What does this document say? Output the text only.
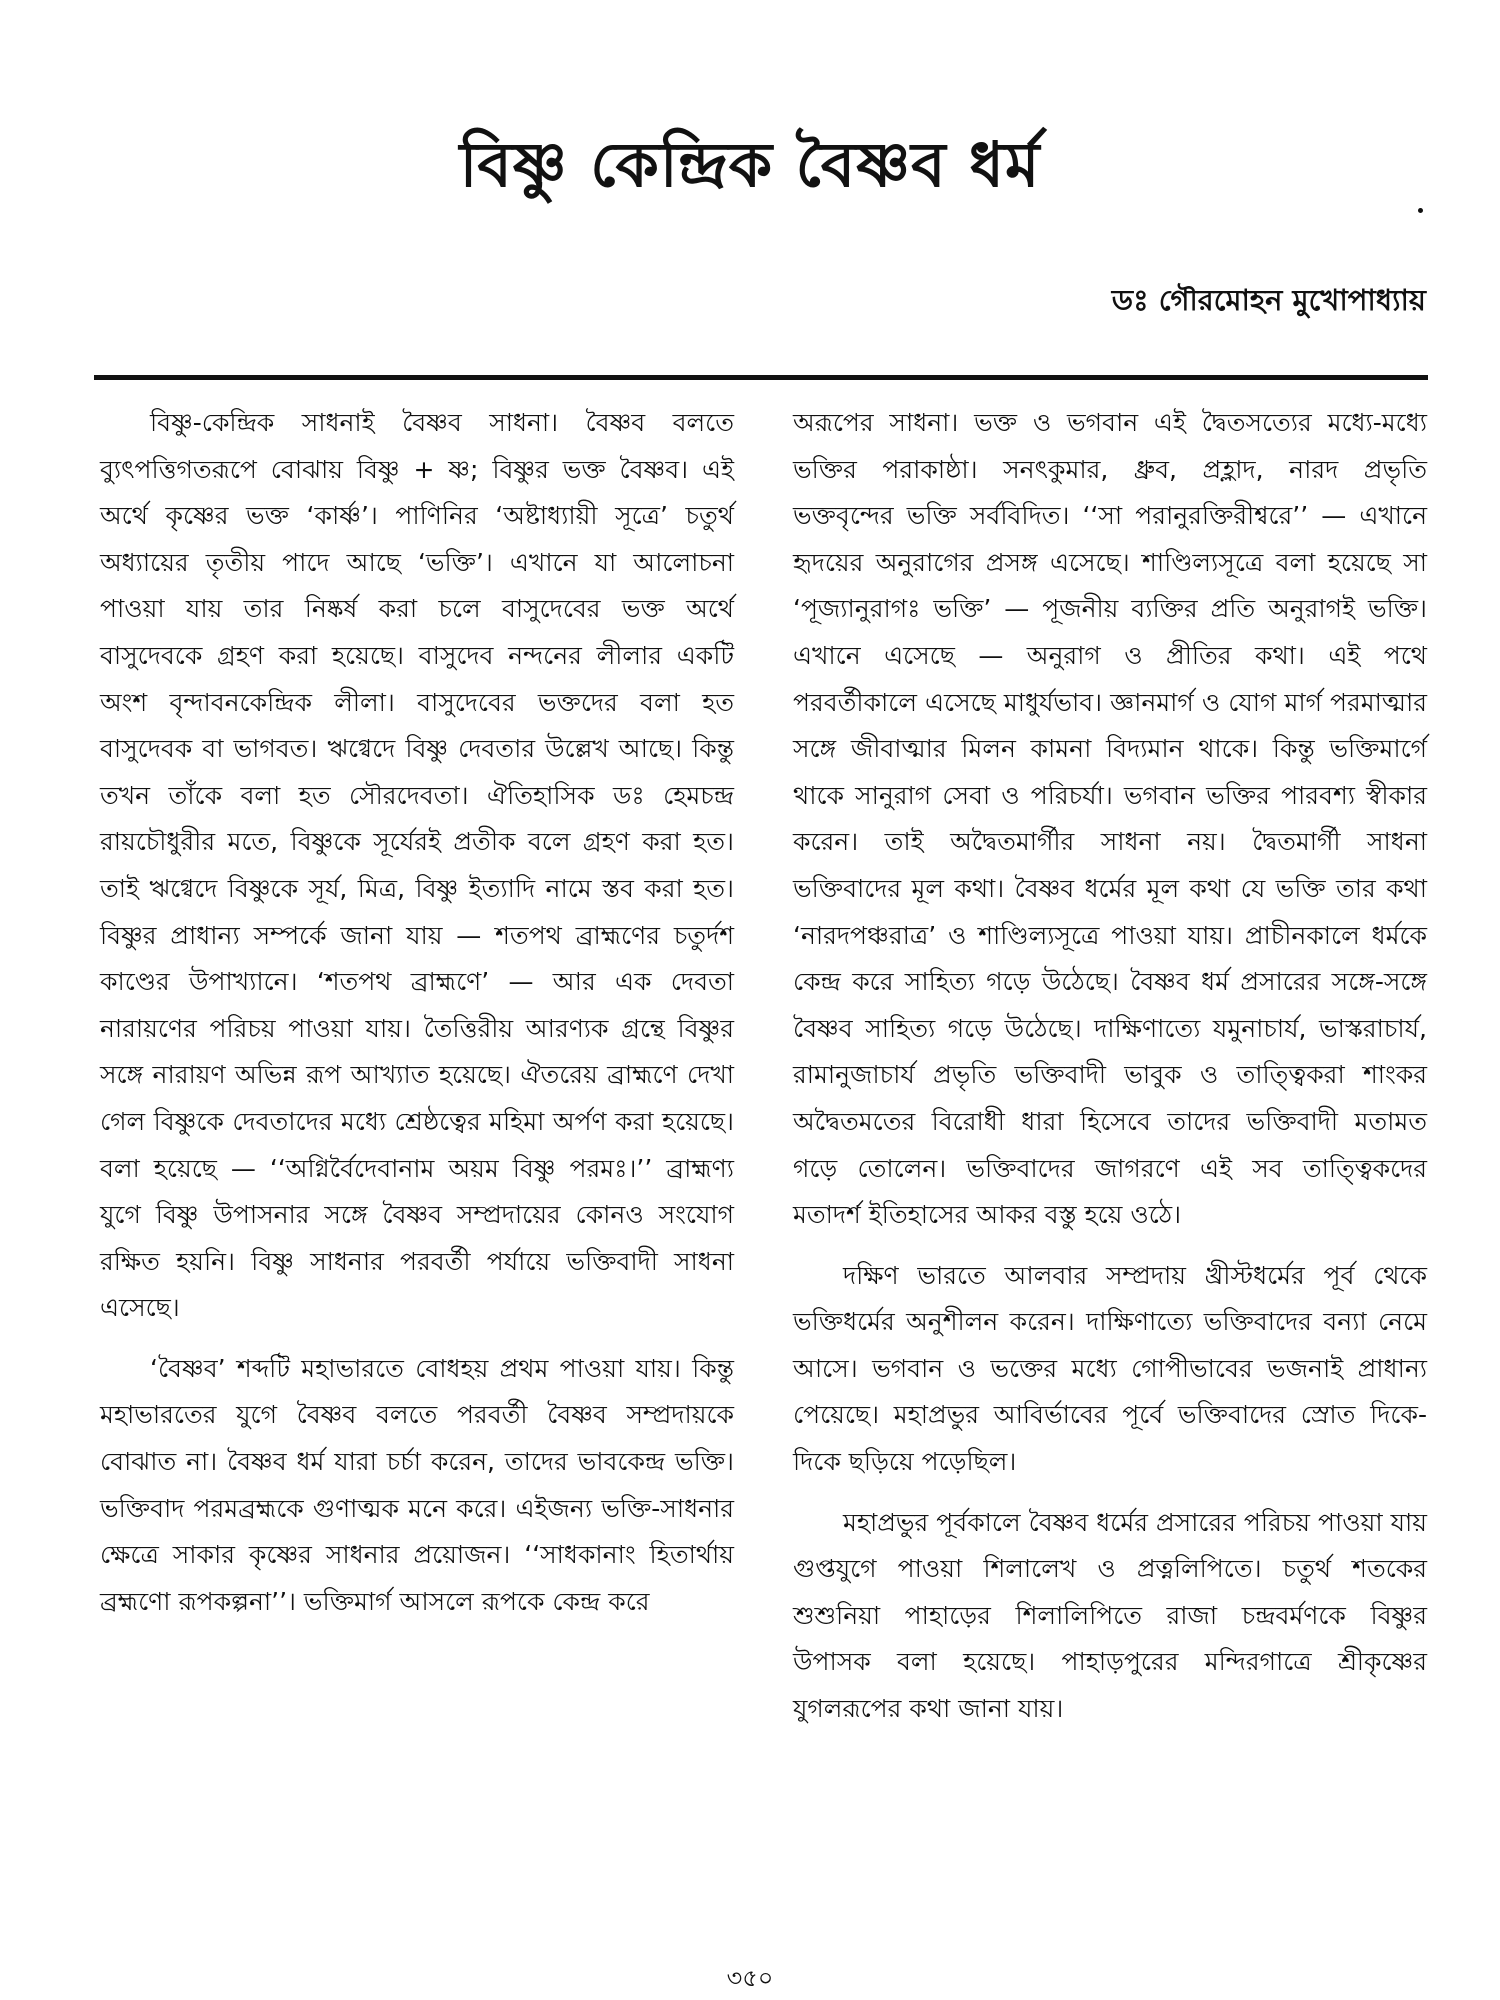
বিষ্ণু কেন্দ্রিক বৈষ্ণব ধর্ম

ডঃ গৌরমোহন মুখোপাধ্যায়

বিষ্ণু-কেন্দ্রিক সাধনাই বৈষ্ণব সাধনা। বৈষ্ণব বলতে ব্যুৎপত্তিগতরূপে বোঝায় বিষ্ণু + ষ্ণ; বিষ্ণুর ভক্ত বৈষ্ণব। এই অর্থে কৃষ্ণের ভক্ত ‘কার্ষ্ণ’। পাণিনির ‘অষ্টাধ্যায়ী সূত্রে’ চতুর্থ অধ্যায়ের তৃতীয় পাদে আছে ‘ভক্তি’। এখানে যা আলোচনা পাওয়া যায় তার নিষ্কর্ষ করা চলে বাসুদেবের ভক্ত অর্থে বাসুদেবকে গ্রহণ করা হয়েছে। বাসুদেব নন্দনের লীলার একটি অংশ বৃন্দাবনকেন্দ্রিক লীলা। বাসুদেবের ভক্তদের বলা হত বাসুদেবক বা ভাগবত। ঋগ্বেদে বিষ্ণু দেবতার উল্লেখ আছে। কিন্তু তখন তাঁকে বলা হত সৌরদেবতা। ঐতিহাসিক ডঃ হেমচন্দ্র রায়চৌধুরীর মতে, বিষ্ণুকে সূর্যেরই প্রতীক বলে গ্রহণ করা হত। তাই ঋগ্বেদে বিষ্ণুকে সূর্য, মিত্র, বিষ্ণু ইত্যাদি নামে স্তব করা হত। বিষ্ণুর প্রাধান্য সম্পর্কে জানা যায় — শতপথ ব্রাহ্মণের চতুর্দশ কাণ্ডের উপাখ্যানে। ‘শতপথ ব্রাহ্মণে’ — আর এক দেবতা নারায়ণের পরিচয় পাওয়া যায়। তৈত্তিরীয় আরণ্যক গ্রন্থে বিষ্ণুর সঙ্গে নারায়ণ অভিন্ন রূপ আখ্যাত হয়েছে। ঐতরেয় ব্রাহ্মণে দেখা গেল বিষ্ণুকে দেবতাদের মধ্যে শ্রেষ্ঠত্বের মহিমা অর্পণ করা হয়েছে। বলা হয়েছে — ‘‘অগ্নির্বৈদেবানাম অয়ম বিষ্ণু পরমঃ।’’ ব্রাহ্মণ্য যুগে বিষ্ণু উপাসনার সঙ্গে বৈষ্ণব সম্প্রদায়ের কোনও সংযোগ রক্ষিত হয়নি। বিষ্ণু সাধনার পরবর্তী পর্যায়ে ভক্তিবাদী সাধনা এসেছে।

‘বৈষ্ণব’ শব্দটি মহাভারতে বোধহয় প্রথম পাওয়া যায়। কিন্তু মহাভারতের যুগে বৈষ্ণব বলতে পরবর্তী বৈষ্ণব সম্প্রদায়কে বোঝাত না। বৈষ্ণব ধর্ম যারা চর্চা করেন, তাদের ভাবকেন্দ্র ভক্তি। ভক্তিবাদ পরমব্রহ্মকে গুণাত্মক মনে করে। এইজন্য ভক্তি-সাধনার ক্ষেত্রে সাকার কৃষ্ণের সাধনার প্রয়োজন। ‘‘সাধকানাং হিতার্থায় ব্রহ্মণো রূপকল্পনা’’। ভক্তিমার্গ আসলে রূপকে কেন্দ্র করে

অরূপের সাধনা। ভক্ত ও ভগবান এই দ্বৈতসত্যের মধ্যে-মধ্যে ভক্তির পরাকাষ্ঠা। সনৎকুমার, ধ্রুব, প্রহ্লাদ, নারদ প্রভৃতি ভক্তবৃন্দের ভক্তি সর্ববিদিত। ‘‘সা পরানুরক্তিরীশ্বরে’’ — এখানে হৃদয়ের অনুরাগের প্রসঙ্গ এসেছে। শাণ্ডিল্যসূত্রে বলা হয়েছে সা ‘পূজ্যানুরাগঃ ভক্তি’ — পূজনীয় ব্যক্তির প্রতি অনুরাগই ভক্তি। এখানে এসেছে — অনুরাগ ও প্রীতির কথা। এই পথে পরবর্তীকালে এসেছে মাধুর্যভাব। জ্ঞানমার্গ ও যোগ মার্গ পরমাত্মার সঙ্গে জীবাত্মার মিলন কামনা বিদ্যমান থাকে। কিন্তু ভক্তিমার্গে থাকে সানুরাগ সেবা ও পরিচর্যা। ভগবান ভক্তির পারবশ্য স্বীকার করেন। তাই অদ্বৈতমার্গীর সাধনা নয়। দ্বৈতমার্গী সাধনা ভক্তিবাদের মূল কথা। বৈষ্ণব ধর্মের মূল কথা যে ভক্তি তার কথা ‘নারদপঞ্চরাত্র’ ও শাণ্ডিল্যসূত্রে পাওয়া যায়। প্রাচীনকালে ধর্মকে কেন্দ্র করে সাহিত্য গড়ে উঠেছে। বৈষ্ণব ধর্ম প্রসারের সঙ্গে-সঙ্গে বৈষ্ণব সাহিত্য গড়ে উঠেছে। দাক্ষিণাত্যে যমুনাচার্য, ভাস্করাচার্য, রামানুজাচার্য প্রভৃতি ভক্তিবাদী ভাবুক ও তাত্ত্বিকরা শাংকর অদ্বৈতমতের বিরোধী ধারা হিসেবে তাদের ভক্তিবাদী মতামত গড়ে তোলেন। ভক্তিবাদের জাগরণে এই সব তাত্ত্বিকদের মতাদর্শ ইতিহাসের আকর বস্তু হয়ে ওঠে।

দক্ষিণ ভারতে আলবার সম্প্রদায় খ্রীস্টধর্মের পূর্ব থেকে ভক্তিধর্মের অনুশীলন করেন। দাক্ষিণাত্যে ভক্তিবাদের বন্যা নেমে আসে। ভগবান ও ভক্তের মধ্যে গোপীভাবের ভজনাই প্রাধান্য পেয়েছে। মহাপ্রভুর আবির্ভাবের পূর্বে ভক্তিবাদের স্রোত দিকে-দিকে ছড়িয়ে পড়েছিল।

মহাপ্রভুর পূর্বকালে বৈষ্ণব ধর্মের প্রসারের পরিচয় পাওয়া যায় গুপ্তযুগে পাওয়া শিলালেখ ও প্রত্নলিপিতে। চতুর্থ শতকের শুশুনিয়া পাহাড়ের শিলালিপিতে রাজা চন্দ্রবর্মণকে বিষ্ণুর উপাসক বলা হয়েছে। পাহাড়পুরের মন্দিরগাত্রে শ্রীকৃষ্ণের যুগলরূপের কথা জানা যায়।

৩৫০
